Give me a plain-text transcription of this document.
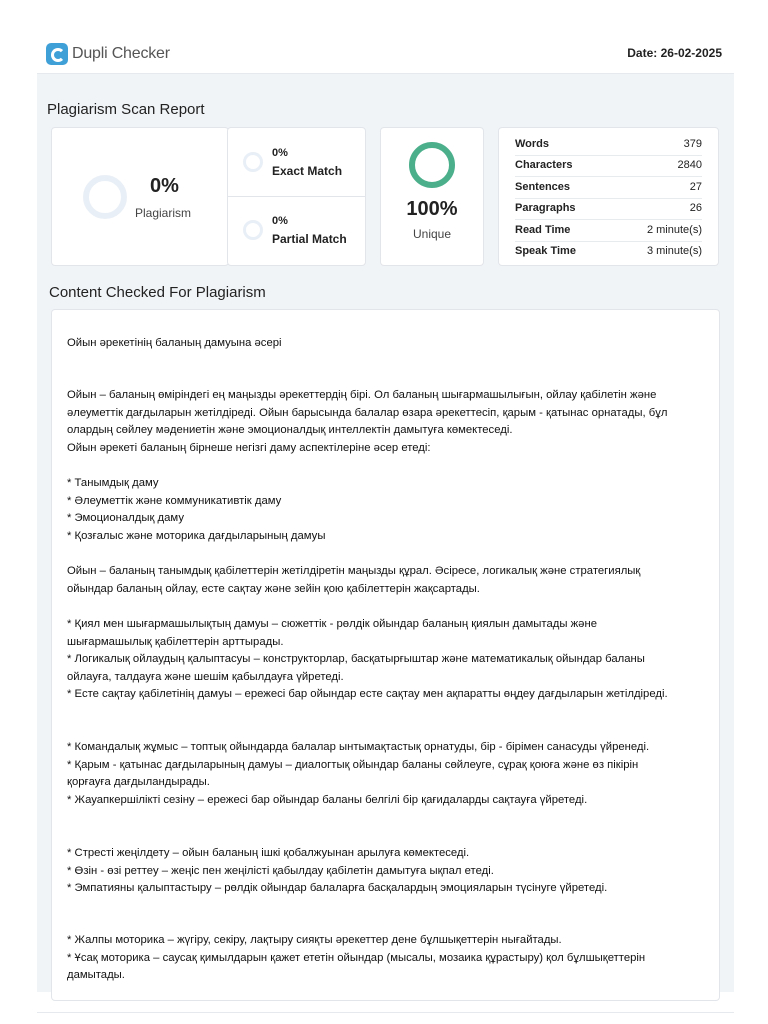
Dupli Checker	Date: 26-02-2025
Plagiarism Scan Report
0%
Plagiarism
0%
Exact Match
0%
Partial Match
100%
Unique
Words	379
Characters	2840
Sentences	27
Paragraphs	26
Read Time	2 minute(s)
Speak Time	3 minute(s)
Content Checked For Plagiarism
Ойын әрекетінің баланың дамуына әсері
Ойын – баланың өміріндегі ең маңызды әрекеттердің бірі. Ол баланың шығармашылығын, ойлау қабілетін және
әлеуметтік дағдыларын жетілдіреді. Ойын барысында балалар өзара әрекеттесіп, қарым - қатынас орнатады, бұл
олардың сөйлеу мәдениетін және эмоционалдық интеллектін дамытуға көмектеседі.
Ойын әрекеті баланың бірнеше негізгі даму аспектілеріне әсер етеді:
* Танымдық даму
* Әлеуметтік және коммуникативтік даму
* Эмоционалдық даму
* Қозғалыс және моторика дағдыларының дамуы
Ойын – баланың танымдық қабілеттерін жетілдіретін маңызды құрал. Әсіресе, логикалық және стратегиялық
ойындар баланың ойлау, есте сақтау және зейін қою қабілеттерін жақсартады.
* Қиял мен шығармашылықтың дамуы – сюжеттік - рөлдік ойындар баланың қиялын дамытады және
шығармашылық қабілеттерін арттырады.
* Логикалық ойлаудың қалыптасуы – конструкторлар, басқатырғыштар және математикалық ойындар баланы
ойлауға, талдауға және шешім қабылдауға үйретеді.
* Есте сақтау қабілетінің дамуы – ережесі бар ойындар есте сақтау мен ақпаратты өңдеу дағдыларын жетілдіреді.
* Командалық жұмыс – топтық ойындарда балалар ынтымақтастық орнатуды, бір - бірімен санасуды үйренеді.
* Қарым - қатынас дағдыларының дамуы – диалогтық ойындар баланы сөйлеуге, сұрақ қоюға және өз пікірін
қорғауға дағдыландырады.
* Жауапкершілікті сезіну – ережесі бар ойындар баланы белгілі бір қағидаларды сақтауға үйретеді.
* Стресті жеңілдету – ойын баланың ішкі қобалжуынан арылуға көмектеседі.
* Өзін - өзі реттеу – жеңіс пен жеңілісті қабылдау қабілетін дамытуға ықпал етеді.
* Эмпатияны қалыптастыру – рөлдік ойындар балаларға басқалардың эмоцияларын түсінуге үйретеді.
* Жалпы моторика – жүгіру, секіру, лақтыру сияқты әрекеттер дене бұлшықеттерін нығайтады.
* Ұсақ моторика – саусақ қимылдарын қажет ететін ойындар (мысалы, мозаика құрастыру) қол бұлшықеттерін
дамытады.
